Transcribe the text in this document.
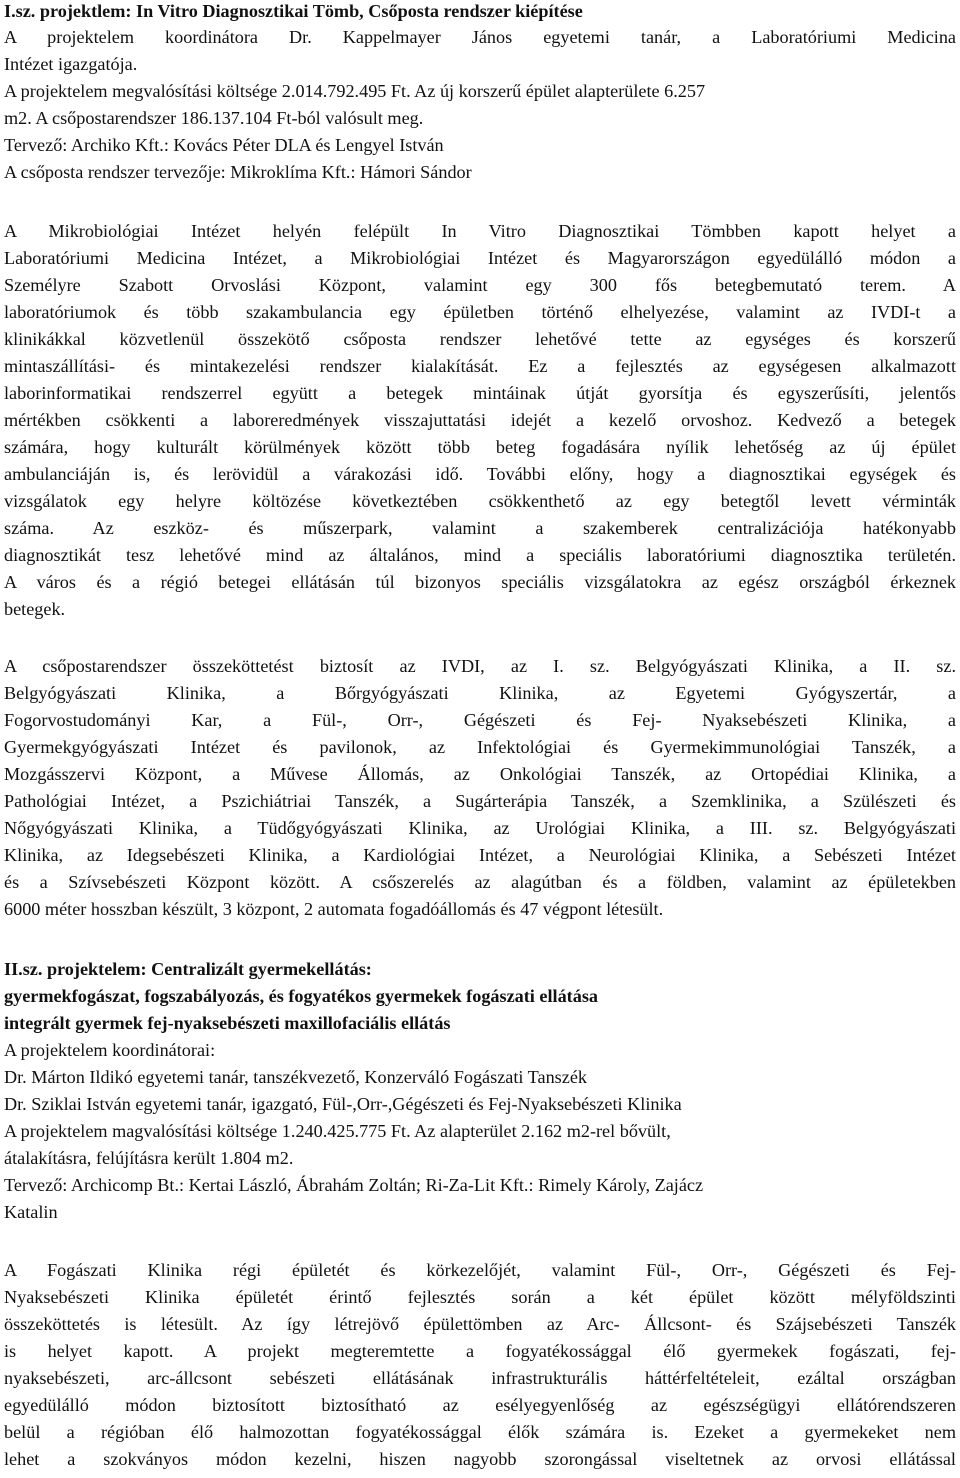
I.sz. projektlem: In Vitro Diagnosztikai Tömb, Csőposta rendszer kiépítése

A projektelem koordinátora Dr. Kappelmayer János egyetemi tanár, a Laboratóriumi Medicina

Intézet igazgatója.

A projektelem megvalósítási költsége 2.014.792.495 Ft. Az új korszerű épület alapterülete 6.257

m2. A csőpostarendszer 186.137.104 Ft-ból valósult meg.

Tervező: Archiko Kft.: Kovács Péter DLA és Lengyel István

A csőposta rendszer tervezője: Mikroklíma Kft.: Hámori Sándor

A Mikrobiológiai Intézet helyén felépült In Vitro Diagnosztikai Tömbben kapott helyet a

Laboratóriumi Medicina Intézet, a Mikrobiológiai Intézet és Magyarországon egyedülálló módon a

Személyre Szabott Orvoslási Központ, valamint egy 300 fős betegbemutató terem. A

laboratóriumok és több szakambulancia egy épületben történő elhelyezése, valamint az IVDI-t a

klinikákkal közvetlenül összekötő csőposta rendszer lehetővé tette az egységes és korszerű

mintaszállítási- és mintakezelési rendszer kialakítását. Ez a fejlesztés az egységesen alkalmazott

laborinformatikai rendszerrel együtt a betegek mintáinak útját gyorsítja és egyszerűsíti, jelentős

mértékben csökkenti a laboreredmények visszajuttatási idejét a kezelő orvoshoz. Kedvező a betegek

számára, hogy kulturált körülmények között több beteg fogadására nyílik lehetőség az új épület

ambulanciáján is, és lerövidül a várakozási idő. További előny, hogy a diagnosztikai egységek és

vizsgálatok egy helyre költözése következtében csökkenthető az egy betegtől levett vérminták

száma. Az eszköz- és műszerpark, valamint a szakemberek centralizációja hatékonyabb

diagnosztikát tesz lehetővé mind az általános, mind a speciális laboratóriumi diagnosztika területén.

A város és a régió betegei ellátásán túl bizonyos speciális vizsgálatokra az egész országból érkeznek

betegek.

A csőpostarendszer összeköttetést biztosít az IVDI, az I. sz. Belgyógyászati Klinika, a II. sz.

Belgyógyászati Klinika, a Bőrgyógyászati Klinika, az Egyetemi Gyógyszertár, a

Fogorvostudományi Kar, a Fül-, Orr-, Gégészeti és Fej- Nyaksebészeti Klinika, a

Gyermekgyógyászati Intézet és pavilonok, az Infektológiai és Gyermekimmunológiai Tanszék, a

Mozgásszervi Központ, a Művese Állomás, az Onkológiai Tanszék, az Ortopédiai Klinika, a

Pathológiai Intézet, a Pszichiátriai Tanszék, a Sugárterápia Tanszék, a Szemklinika, a Szülészeti és

Nőgyógyászati Klinika, a Tüdőgyógyászati Klinika, az Urológiai Klinika, a III. sz. Belgyógyászati

Klinika, az Idegsebészeti Klinika, a Kardiológiai Intézet, a Neurológiai Klinika, a Sebészeti Intézet

és a Szívsebészeti Központ között. A csőszerelés az alagútban és a földben, valamint az épületekben

6000 méter hosszban készült, 3 központ, 2 automata fogadóállomás és 47 végpont létesült.

II.sz. projektelem: Centralizált gyermekellátás:

gyermekfogászat, fogszabályozás, és fogyatékos gyermekek fogászati ellátása

integrált gyermek fej-nyaksebészeti maxillofaciális ellátás

A projektelem koordinátorai:

Dr. Márton Ildikó egyetemi tanár, tanszékvezető, Konzerváló Fogászati Tanszék

Dr. Sziklai István egyetemi tanár, igazgató, Fül-,Orr-,Gégészeti és Fej-Nyaksebészeti Klinika

A projektelem magvalósítási költsége 1.240.425.775 Ft. Az alapterület 2.162 m2-rel bővült,

átalakításra, felújításra került 1.804 m2.

Tervező: Archicomp Bt.: Kertai László, Ábrahám Zoltán; Ri-Za-Lit Kft.: Rimely Károly, Zajácz

Katalin

A Fogászati Klinika régi épületét és körkezelőjét, valamint Fül-, Orr-, Gégészeti és Fej-

Nyaksebészeti Klinika épületét érintő fejlesztés során a két épület között mélyföldszinti

összeköttetés is létesült. Az így létrejövő épülettömben az Arc- Állcsont- és Szájsebészeti Tanszék

is helyet kapott. A projekt megteremtette a fogyatékossággal élő gyermekek fogászati, fej-

nyaksebészeti, arc-állcsont sebészeti ellátásának infrastrukturális háttérfeltételeit, ezáltal országban

egyedülálló módon biztosított biztosítható az esélyegyenlőség az egészségügyi ellátórendszeren

belül a régióban élő halmozottan fogyatékossággal élők számára is. Ezeket a gyermekeket nem

lehet a szokványos módon kezelni, hiszen nagyobb szorongással viseltetnek az orvosi ellátással
